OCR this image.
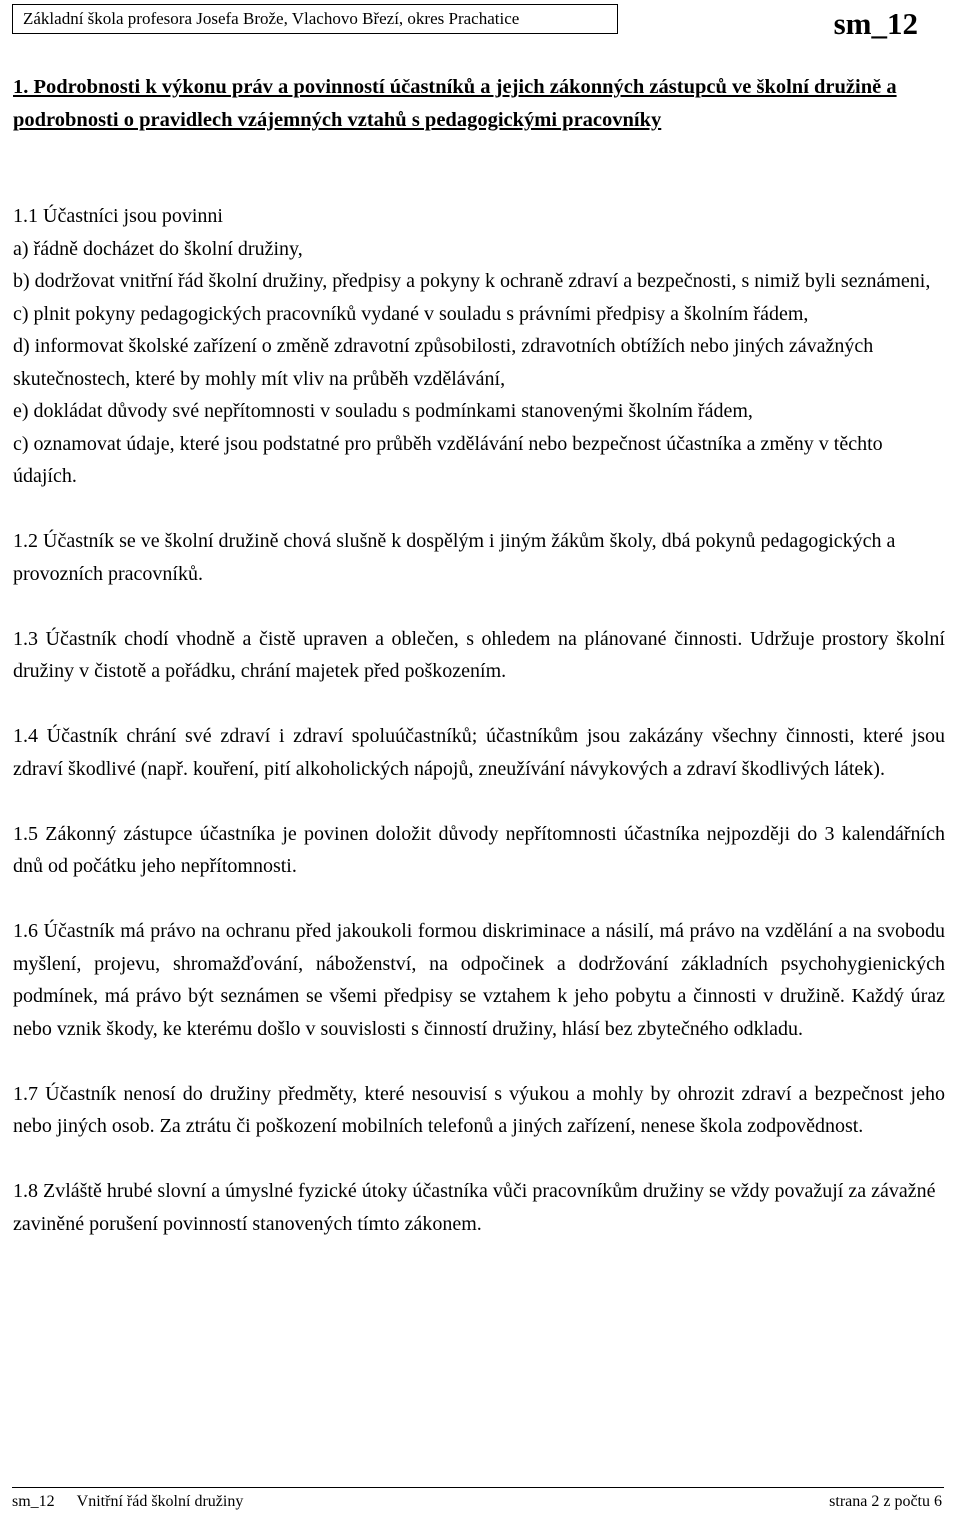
Základní škola profesora Josefa Brože, Vlachovo Březí, okres Prachatice	sm_12
1. Podrobnosti k výkonu práv a povinností účastníků a jejich zákonných zástupců ve školní družině a podrobnosti o pravidlech vzájemných vztahů s pedagogickými pracovníky

1.1 Účastníci jsou povinni

a) řádně docházet do školní družiny,

b) dodržovat vnitřní řád školní družiny, předpisy a pokyny k ochraně zdraví a bezpečnosti, s nimiž byli seznámeni,

c) plnit pokyny pedagogických pracovníků vydané v souladu s právními předpisy a školním řádem,

d) informovat školské zařízení o změně zdravotní způsobilosti, zdravotních obtížích nebo jiných závažných skutečnostech, které by mohly mít vliv na průběh vzdělávání,

e) dokládat důvody své nepřítomnosti v souladu s podmínkami stanovenými školním řádem,

c) oznamovat údaje, které jsou podstatné pro průběh vzdělávání nebo bezpečnost účastníka a změny v těchto údajích.

1.2 Účastník se ve školní družině chová slušně k dospělým i jiným žákům školy, dbá pokynů pedagogických a provozních pracovníků.

1.3 Účastník chodí vhodně a čistě upraven a oblečen, s ohledem na plánované činnosti. Udržuje prostory školní družiny v čistotě a pořádku, chrání majetek před poškozením.

1.4 Účastník chrání své zdraví i zdraví spoluúčastníků; účastníkům jsou zakázány všechny činnosti, které jsou zdraví škodlivé (např. kouření, pití alkoholických nápojů, zneužívání návykových a zdraví škodlivých látek).

1.5 Zákonný zástupce účastníka je povinen doložit důvody nepřítomnosti účastníka nejpozději do 3 kalendářních dnů od počátku jeho nepřítomnosti.

1.6 Účastník má právo na ochranu před jakoukoli formou diskriminace a násilí, má právo na vzdělání a na svobodu myšlení, projevu, shromažďování, náboženství, na odpočinek a dodržování základních psychohygienických podmínek, má právo být seznámen se všemi předpisy se vztahem k jeho pobytu a činnosti v družině. Každý úraz nebo vznik škody, ke kterému došlo v souvislosti s činností družiny, hlásí bez zbytečného odkladu.

1.7 Účastník nenosí do družiny předměty, které nesouvisí s výukou a mohly by ohrozit zdraví a bezpečnost jeho nebo jiných osob. Za ztrátu či poškození mobilních telefonů a jiných zařízení, nenese škola zodpovědnost.

1.8 Zvláště hrubé slovní a úmyslné fyzické útoky účastníka vůči pracovníkům družiny se vždy považují za závažné zaviněné porušení povinností stanovených tímto zákonem.

sm_12 Vnitřní řád školní družiny	strana 2 z počtu 6
